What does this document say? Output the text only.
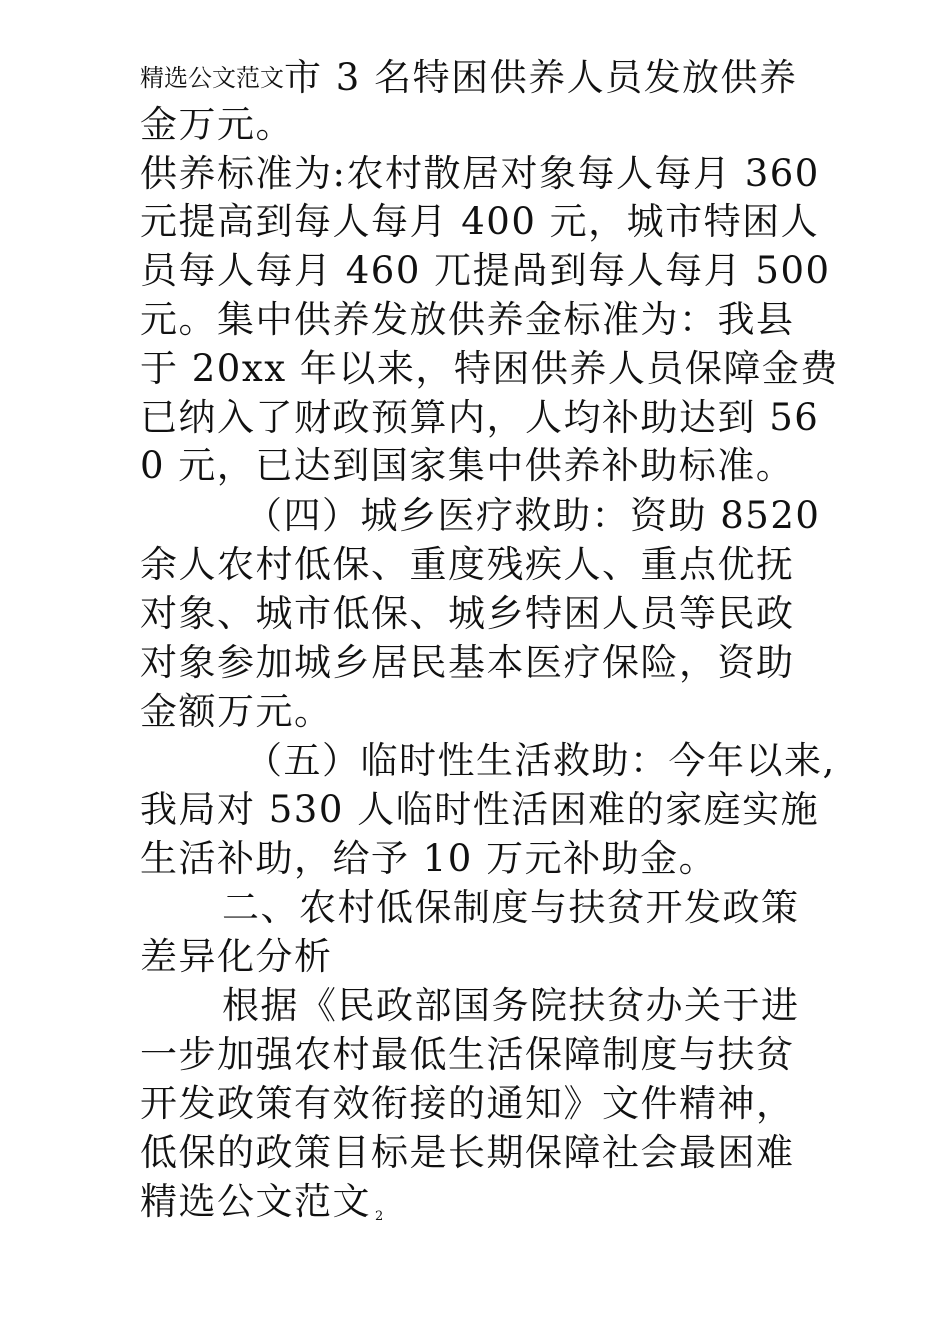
精选公文范文市 3 名特困供养人员发放供养
金万元。
供养标准为:农村散居对象每人每月 360
元提高到每人每月 400 元，城市特困人
员每人每月 460 兀提咼到每人每月 500
元。集中供养发放供养金标准为：我县
于 20xx 年以来，特困供养人员保障金费
已纳入了财政预算内，人均补助达到 56
0 元，已达到国家集中供养补助标准。
（四）城乡医疗救助：资助 8520
余人农村低保、重度残疾人、重点优抚
对象、城市低保、城乡特困人员等民政
对象参加城乡居民基本医疗保险，资助
金额万元。
（五）临时性生活救助：今年以来,
我局对 530 人临时性活困难的家庭实施
生活补助，给予 10 万元补助金。
二、农村低保制度与扶贫开发政策
差异化分析
根据《民政部国务院扶贫办关于进
一步加强农村最低生活保障制度与扶贫
开发政策有效衔接的通知》文件精神，
低保的政策目标是长期保障社会最困难
精选公文范文 2
